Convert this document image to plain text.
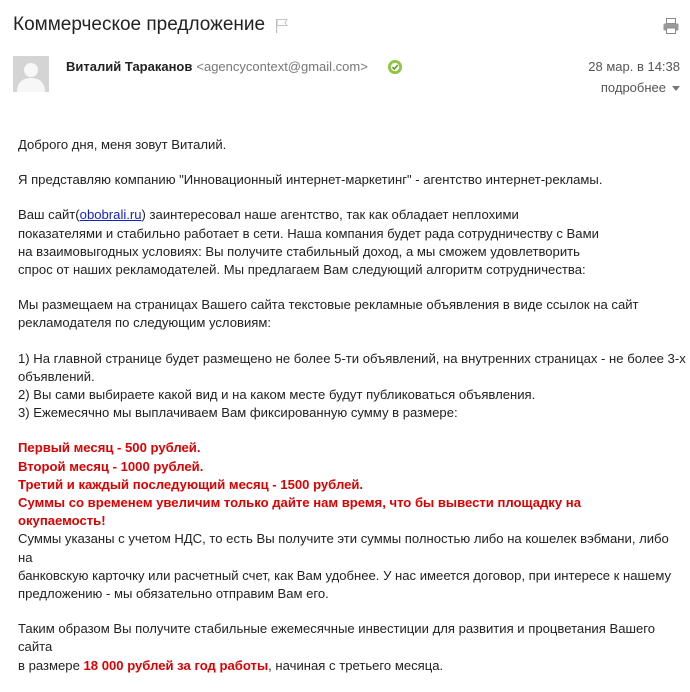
Коммерческое предложение
Виталий Тараканов <agencycontext@gmail.com>	28 мар. в 14:38
подробнее

Доброго дня, меня зовут Виталий.

Я представляю компанию "Инновационный интернет-маркетинг" - агентство интернет-рекламы.

Ваш сайт(obobrali.ru) заинтересовал наше агентство, так как обладает неплохими
показателями и стабильно работает в сети. Наша компания будет рада сотрудничеству с Вами
на взаимовыгодных условиях: Вы получите стабильный доход, а мы сможем удовлетворить
спрос от наших рекламодателей. Мы предлагаем Вам следующий алгоритм сотрудничества:

Мы размещаем на страницах Вашего сайта текстовые рекламные объявления в виде ссылок на сайт
рекламодателя по следующим условиям:

1) На главной странице будет размещено не более 5-ти объявлений, на внутренних страницах - не более 3-х
объявлений.
2) Вы сами выбираете какой вид и на каком месте будут публиковаться объявления.
3) Ежемесячно мы выплачиваем Вам фиксированную сумму в размере:

Первый месяц - 500 рублей.
Второй месяц - 1000 рублей.
Третий и каждый последующий месяц - 1500 рублей.
Суммы со временем увеличим только дайте нам время, что бы вывести площадку на
окупаемость!

Суммы указаны с учетом НДС, то есть Вы получите эти суммы полностью либо на кошелек вэбмани, либо на
банковскую карточку или расчетный счет, как Вам удобнее. У нас имеется договор, при интересе к нашему
предложению - мы обязательно отправим Вам его.

Таким образом Вы получите стабильные ежемесячные инвестиции для развития и процветания Вашего сайта
в размере 18 000 рублей за год работы, начиная с третьего месяца.
